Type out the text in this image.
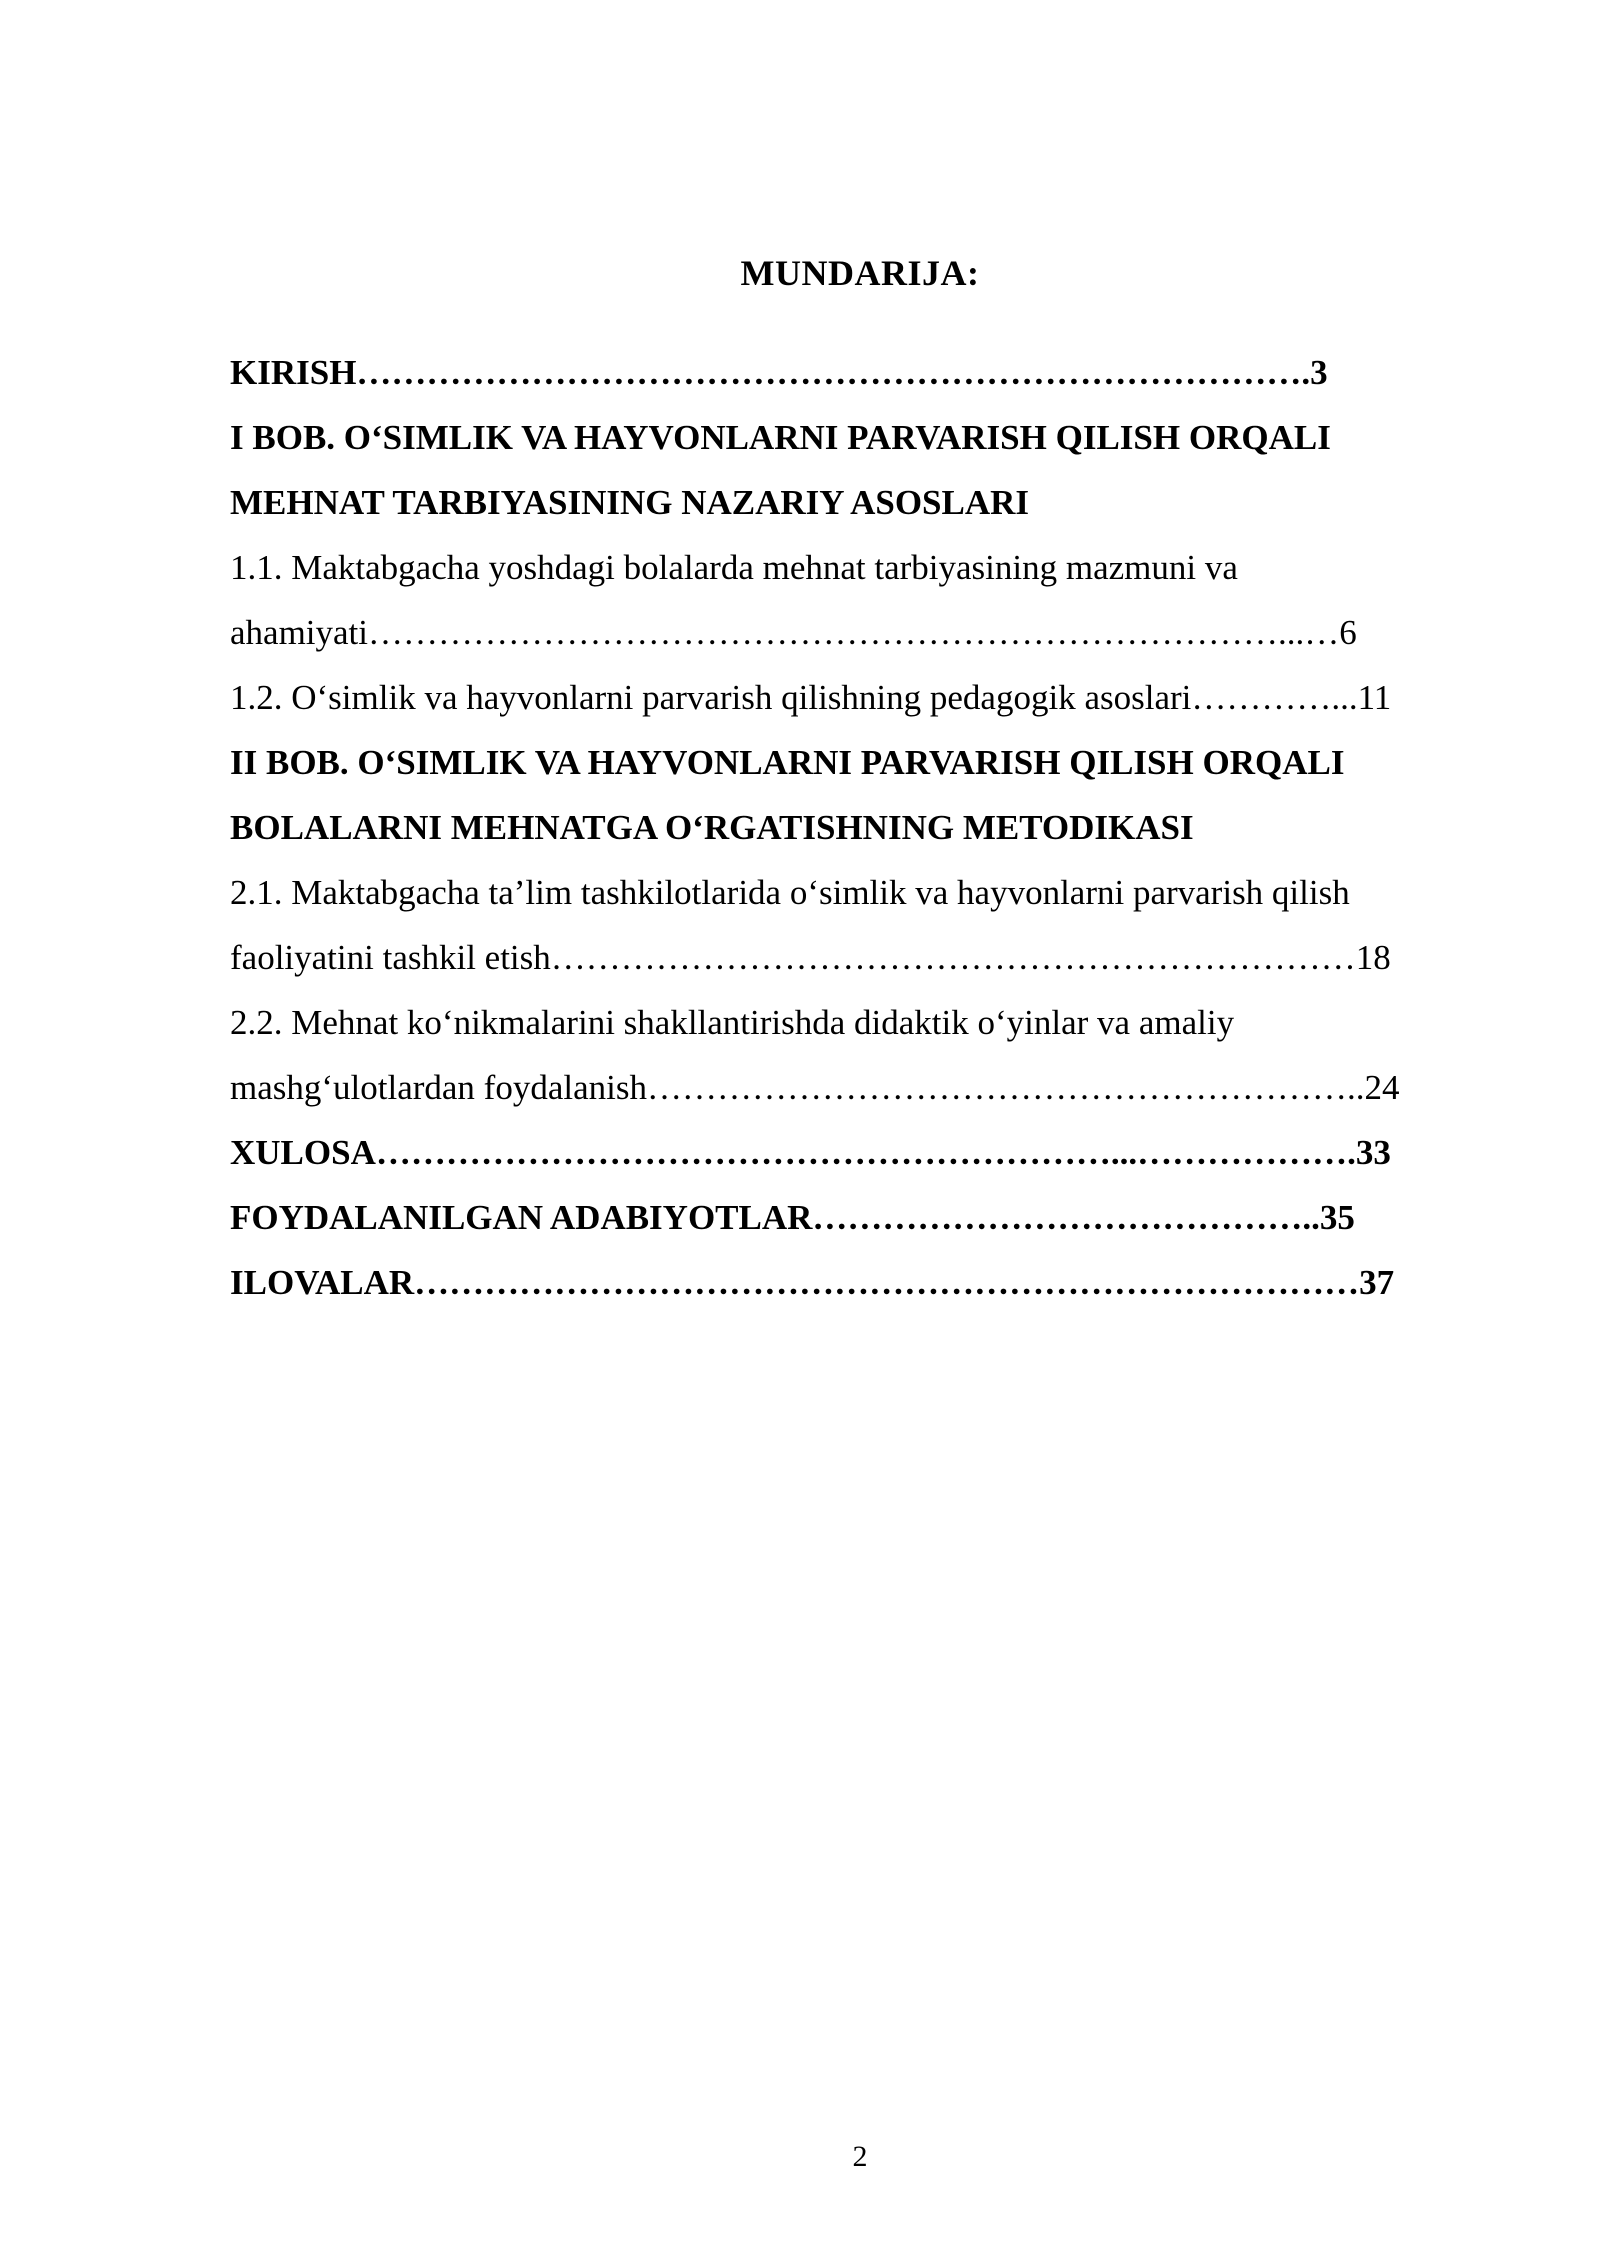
MUNDARIJA:
KIRISH……………………………………………………………………….3
I BOB. O‘SIMLIK VA HAYVONLARNI PARVARISH QILISH ORQALI
MEHNAT TARBIYASINING NAZARIY ASOSLARI
1.1. Maktabgacha yoshdagi bolalarda mehnat tarbiyasining mazmuni va
ahamiyati……………………………………………………………………...…6
1.2. O‘simlik va hayvonlarni parvarish qilishning pedagogik asoslari…………...11
II BOB. O‘SIMLIK VA HAYVONLARNI PARVARISH QILISH ORQALI
BOLALARNI MEHNATGA O‘RGATISHNING METODIKASI
2.1. Maktabgacha ta’lim tashkilotlarida o‘simlik va hayvonlarni parvarish qilish
faoliyatini tashkil etish……………………………………………………………18
2.2. Mehnat ko‘nikmalarini shakllantirishda didaktik o‘yinlar va amaliy
mashg‘ulotlardan foydalanish……………………………………………………..24
XULOSA………………………………………………………...……………….33
FOYDALANILGAN ADABIYOTLAR……………………………………..35
ILOVALAR………………………………………………………………………37
2
